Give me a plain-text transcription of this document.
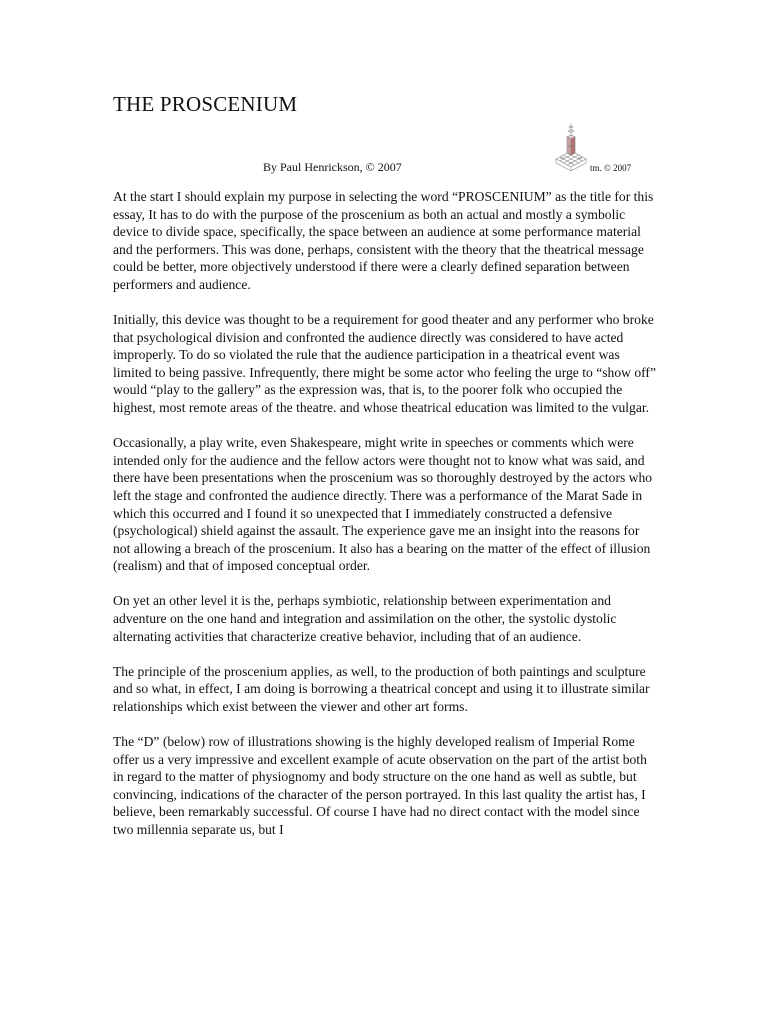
THE PROSCENIUM

By Paul Henrickson, © 2007	tm. © 2007

At the start I should explain my purpose in selecting the word “PROSCENIUM” as the title for this essay, It has to do with the purpose of the proscenium as both an actual and mostly a symbolic device to divide space, specifically, the space between an audience at some performance material and the performers. This was done, perhaps, consistent with the theory that the theatrical message could be better, more objectively understood if there were a clearly defined separation between performers and audience.

Initially, this device was thought to be a requirement for good theater and any performer who broke that psychological division and confronted the audience directly was considered to have acted improperly. To do so violated the rule that the audience participation in a theatrical event was limited to being passive. Infrequently, there might be some actor who feeling the urge to “show off” would “play to the gallery” as the expression was, that is, to the poorer folk who occupied the highest, most remote areas of the theatre. and whose theatrical education was limited to the vulgar.

Occasionally, a play write, even Shakespeare, might write in speeches or comments which were intended only for the audience and the fellow actors were thought not to know what was said, and there have been presentations when the proscenium was so thoroughly destroyed by the actors who left the stage and confronted the audience directly. There was a performance of the Marat Sade in which this occurred and I found it so unexpected that I immediately constructed a defensive (psychological) shield against the assault. The experience gave me an insight into the reasons for not allowing a breach of the proscenium. It also has a bearing on the matter of the effect of illusion (realism) and that of imposed conceptual order.

On yet an other level it is the, perhaps symbiotic, relationship between experimentation and adventure on the one hand and integration and assimilation on the other, the systolic dystolic alternating activities that characterize creative behavior, including that of an audience.

The principle of the proscenium applies, as well, to the production of both paintings and sculpture and so what, in effect, I am doing is borrowing a theatrical concept and using it to illustrate similar relationships which exist between the viewer and other art forms.

The “D” (below) row of illustrations showing is the highly developed realism of Imperial Rome offer us a very impressive and excellent example of acute observation on the part of the artist both in regard to the matter of physiognomy and body structure on the one hand as well as subtle, but convincing, indications of the character of the person portrayed. In this last quality the artist has, I believe, been remarkably successful. Of course I have had no direct contact with the model since two millennia separate us, but I
